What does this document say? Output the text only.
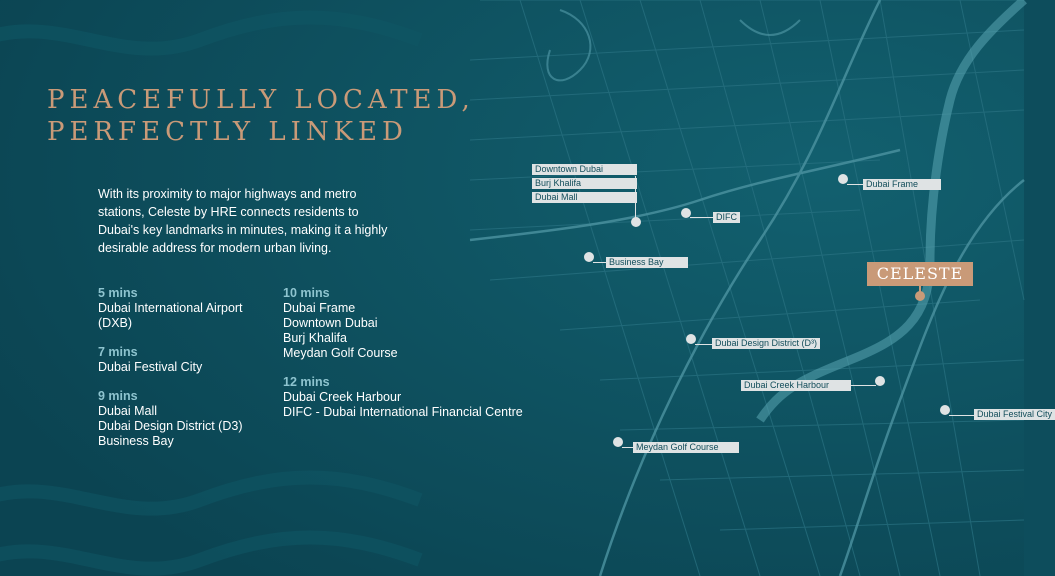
PEACEFULLY LOCATED,
PERFECTLY LINKED

With its proximity to major highways and metro stations, Celeste by HRE connects residents to Dubai's key landmarks in minutes, making it a highly desirable address for modern urban living.

5 mins
Dubai International Airport (DXB)
7 mins
Dubai Festival City
9 mins
Dubai Mall
Dubai Design District (D3)
Business Bay
10 mins
Dubai Frame
Downtown Dubai
Burj Khalifa
Meydan Golf Course
12 mins
Dubai Creek Harbour
DIFC - Dubai International Financial Centre
Downtown Dubai
Burj Khalifa
Dubai Mall
DIFC
Dubai Frame
Business Bay
CELESTE
Dubai Design District (D³)
Dubai Creek Harbour
Dubai Festival City
Meydan Golf Course
